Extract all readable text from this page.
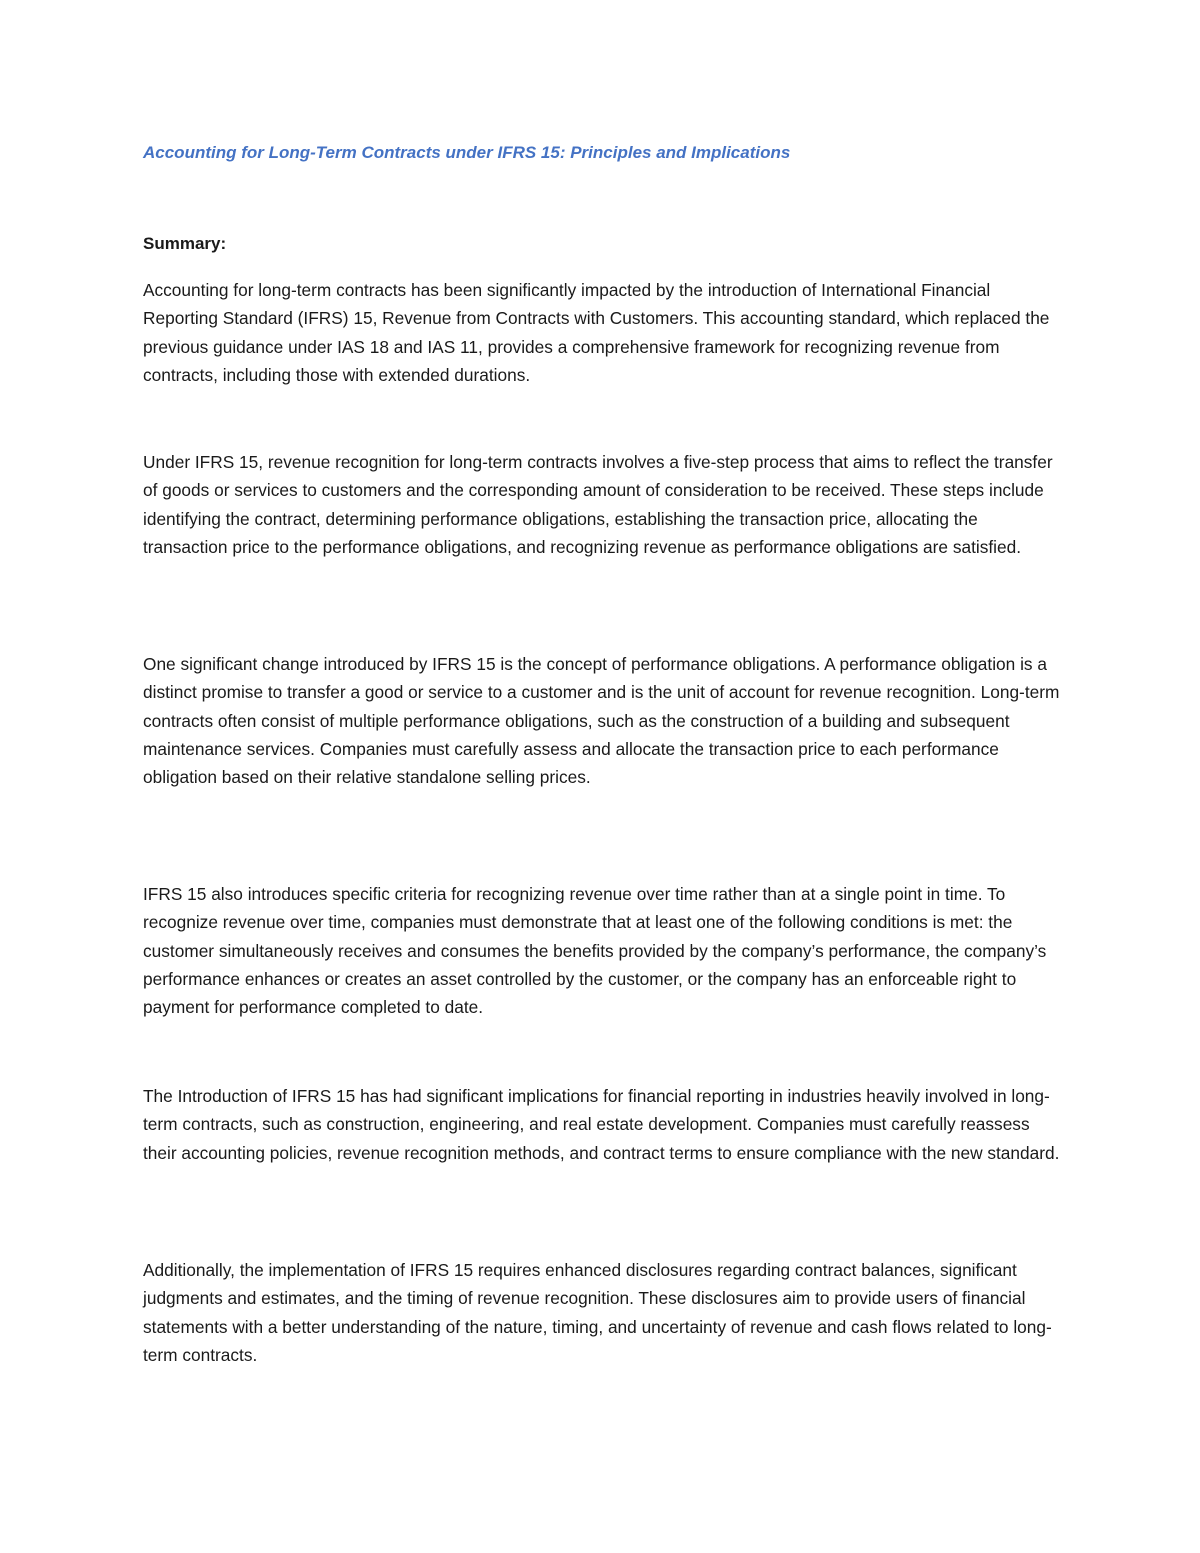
Accounting for Long-Term Contracts under IFRS 15: Principles and Implications
Summary:

Accounting for long-term contracts has been significantly impacted by the introduction of International Financial Reporting Standard (IFRS) 15, Revenue from Contracts with Customers. This accounting standard, which replaced the previous guidance under IAS 18 and IAS 11, provides a comprehensive framework for recognizing revenue from contracts, including those with extended durations.

Under IFRS 15, revenue recognition for long-term contracts involves a five-step process that aims to reflect the transfer of goods or services to customers and the corresponding amount of consideration to be received. These steps include identifying the contract, determining performance obligations, establishing the transaction price, allocating the transaction price to the performance obligations, and recognizing revenue as performance obligations are satisfied.

One significant change introduced by IFRS 15 is the concept of performance obligations. A performance obligation is a distinct promise to transfer a good or service to a customer and is the unit of account for revenue recognition. Long-term contracts often consist of multiple performance obligations, such as the construction of a building and subsequent maintenance services. Companies must carefully assess and allocate the transaction price to each performance obligation based on their relative standalone selling prices.

IFRS 15 also introduces specific criteria for recognizing revenue over time rather than at a single point in time. To recognize revenue over time, companies must demonstrate that at least one of the following conditions is met: the customer simultaneously receives and consumes the benefits provided by the company’s performance, the company’s performance enhances or creates an asset controlled by the customer, or the company has an enforceable right to payment for performance completed to date.

The Introduction of IFRS 15 has had significant implications for financial reporting in industries heavily involved in long-term contracts, such as construction, engineering, and real estate development. Companies must carefully reassess their accounting policies, revenue recognition methods, and contract terms to ensure compliance with the new standard.

Additionally, the implementation of IFRS 15 requires enhanced disclosures regarding contract balances, significant judgments and estimates, and the timing of revenue recognition. These disclosures aim to provide users of financial statements with a better understanding of the nature, timing, and uncertainty of revenue and cash flows related to long-term contracts.
